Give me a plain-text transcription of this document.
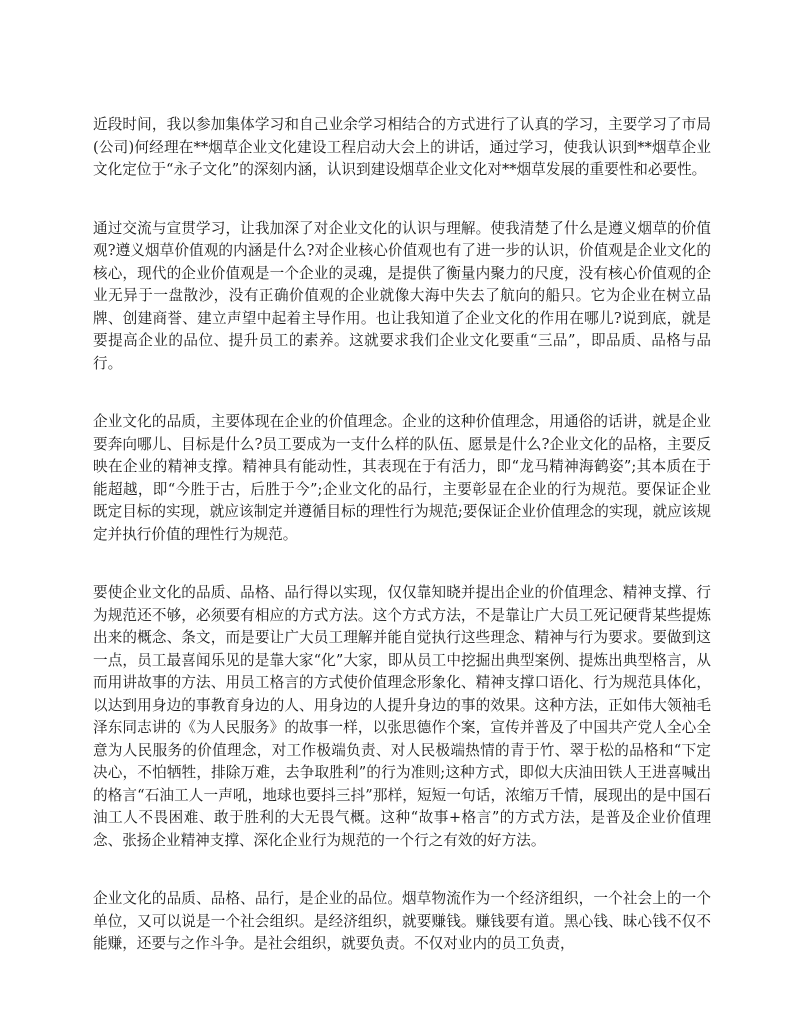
近段时间，我以参加集体学习和自己业余学习相结合的方式进行了认真的学习，主要学习了市局(公司)何经理在**烟草企业文化建设工程启动大会上的讲话，通过学习，使我认识到**烟草企业文化定位于“永子文化”的深刻内涵，认识到建设烟草企业文化对**烟草发展的重要性和必要性。

通过交流与宣贯学习，让我加深了对企业文化的认识与理解。使我清楚了什么是遵义烟草的价值观?遵义烟草价值观的内涵是什么?对企业核心价值观也有了进一步的认识，价值观是企业文化的核心，现代的企业价值观是一个企业的灵魂，是提供了衡量内聚力的尺度，没有核心价值观的企业无异于一盘散沙，没有正确价值观的企业就像大海中失去了航向的船只。它为企业在树立品牌、创建商誉、建立声望中起着主导作用。也让我知道了企业文化的作用在哪儿?说到底，就是要提高企业的品位、提升员工的素养。这就要求我们企业文化要重“三品”，即品质、品格与品行。

企业文化的品质，主要体现在企业的价值理念。企业的这种价值理念，用通俗的话讲，就是企业要奔向哪儿、目标是什么?员工要成为一支什么样的队伍、愿景是什么?企业文化的品格，主要反映在企业的精神支撑。精神具有能动性，其表现在于有活力，即“龙马精神海鹤姿”;其本质在于能超越，即“今胜于古，后胜于今”;企业文化的品行，主要彰显在企业的行为规范。要保证企业既定目标的实现，就应该制定并遵循目标的理性行为规范;要保证企业价值理念的实现，就应该规定并执行价值的理性行为规范。

要使企业文化的品质、品格、品行得以实现，仅仅靠知晓并提出企业的价值理念、精神支撑、行为规范还不够，必须要有相应的方式方法。这个方式方法，不是靠让广大员工死记硬背某些提炼出来的概念、条文，而是要让广大员工理解并能自觉执行这些理念、精神与行为要求。要做到这一点，员工最喜闻乐见的是靠大家“化”大家，即从员工中挖掘出典型案例、提炼出典型格言，从而用讲故事的方法、用员工格言的方式使价值理念形象化、精神支撑口语化、行为规范具体化，以达到用身边的事教育身边的人、用身边的人提升身边的事的效果。这种方法，正如伟大领袖毛泽东同志讲的《为人民服务》的故事一样，以张思德作个案，宣传并普及了中国共产党人全心全意为人民服务的价值理念，对工作极端负责、对人民极端热情的青于竹、翠于松的品格和“下定决心，不怕牺牲，排除万难，去争取胜利”的行为准则;这种方式，即似大庆油田铁人王进喜喊出的格言“石油工人一声吼，地球也要抖三抖”那样，短短一句话，浓缩万千情，展现出的是中国石油工人不畏困难、敢于胜利的大无畏气概。这种“故事+格言”的方式方法，是普及企业价值理念、张扬企业精神支撑、深化企业行为规范的一个行之有效的好方法。

企业文化的品质、品格、品行，是企业的品位。烟草物流作为一个经济组织，一个社会上的一个单位，又可以说是一个社会组织。是经济组织，就要赚钱。赚钱要有道。黑心钱、昧心钱不仅不能赚，还要与之作斗争。是社会组织，就要负责。不仅对业内的员工负责，
